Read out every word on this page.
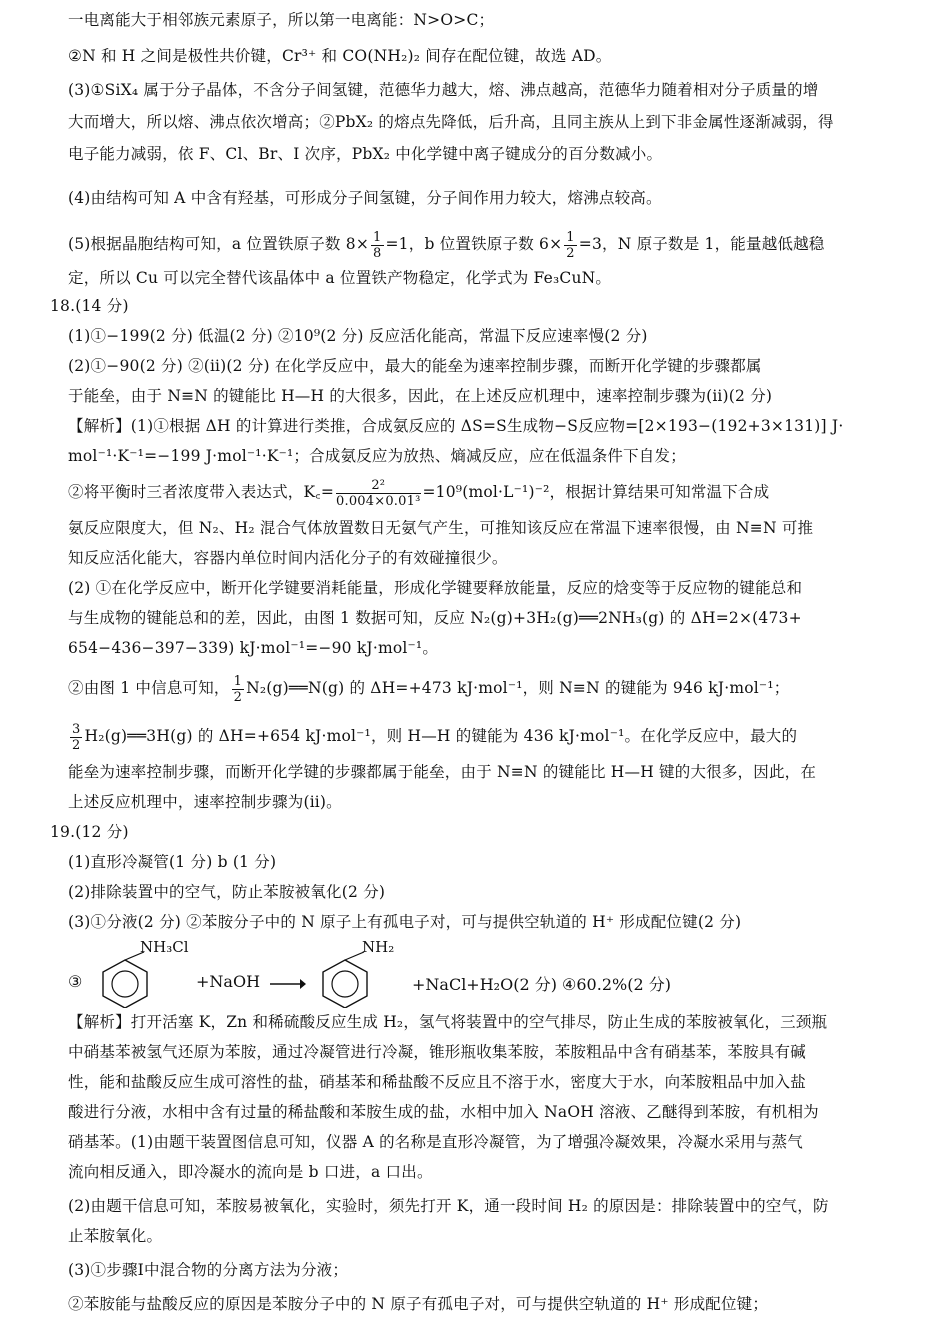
一电离能大于相邻族元素原子，所以第一电离能：N>O>C；
②N 和 H 之间是极性共价键，Cr³⁺ 和 CO(NH₂)₂ 间存在配位键，故选 AD。
(3)①SiX₄ 属于分子晶体，不含分子间氢键，范德华力越大，熔、沸点越高，范德华力随着相对分子质量的增
大而增大，所以熔、沸点依次增高；②PbX₂ 的熔点先降低，后升高，且同主族从上到下非金属性逐渐减弱，得
电子能力减弱，依 F、Cl、Br、I 次序，PbX₂ 中化学键中离子键成分的百分数减小。
(4)由结构可知 A 中含有羟基，可形成分子间氢键，分子间作用力较大，熔沸点较高。
(5)根据晶胞结构可知，a 位置铁原子数 $8\times \frac{1}{8} =1$，b 位置铁原子数 $6\times \frac{1}{2} =3$，N 原子数是 1，能量越低越稳
定，所以 Cu 可以完全替代该晶体中 a 位置铁产物稳定，化学式为 Fe₃CuN。
18.(14 分)
(1)①−199(2 分) 低温(2 分) ②10⁹(2 分) 反应活化能高，常温下反应速率慢(2 分)
(2)①−90(2 分) ②(ⅱ)(2 分) 在化学反应中，最大的能垒为速率控制步骤，而断开化学键的步骤都属
于能垒，由于 N≡N 的键能比 H—H 的大很多，因此，在上述反应机理中，速率控制步骤为(ⅱ)(2 分)
【解析】(1)①根据 ΔH 的计算进行类推，合成氨反应的 ΔS=S生成物−S反应物=[2×193−(192+3×131)] J·
mol⁻¹·K⁻¹=−199 J·mol⁻¹·K⁻¹；合成氨反应为放热、熵减反应，应在低温条件下自发；
②将平衡时三者浓度带入表达式，K꜀= $\frac{\text{2²}}{\text{0.004×0.01³}} =10^9(mol\cdot L^{-1})^{-2}$，根据计算结果可知常温下合成
氨反应限度大，但 N₂、H₂ 混合气体放置数日无氨气产生，可推知该反应在常温下速率很慢，由 N≡N 可推
知反应活化能大，容器内单位时间内活化分子的有效碰撞很少。
(2) ①在化学反应中，断开化学键要消耗能量，形成化学键要释放能量，反应的焓变等于反应物的键能总和
与生成物的键能总和的差，因此，由图 1 数据可知，反应 N₂(g)+3H₂(g)══2NH₃(g) 的 ΔH=2×(473+
654−436−397−339) kJ·mol⁻¹=−90 kJ·mol⁻¹。
②由图 1 中信息可知， $\frac{1}{2}$ N₂(g)══N(g) 的 ΔH=+473 kJ·mol⁻¹，则 N≡N 的键能为 946 kJ·mol⁻¹；
$\frac{3}{2}$ H₂(g)══3H(g) 的 ΔH=+654 kJ·mol⁻¹，则 H—H 的键能为 436 kJ·mol⁻¹。在化学反应中，最大的
能垒为速率控制步骤，而断开化学键的步骤都属于能垒，由于 N≡N 的键能比 H—H 键的大很多，因此，在
上述反应机理中，速率控制步骤为(ⅱ)。
19.(12 分)
(1)直形冷凝管(1 分) b (1 分)
(2)排除装置中的空气，防止苯胺被氧化(2 分)
(3)①分液(2 分) ②苯胺分子中的 N 原子上有孤电子对，可与提供空轨道的 H⁺ 形成配位键(2 分)
③
NH₃Cl
+NaOH →
NH₂
+NaCl+H₂O(2 分) ④60.2%(2 分)
【解析】打开活塞 K，Zn 和稀硫酸反应生成 H₂，氢气将装置中的空气排尽，防止生成的苯胺被氧化，三颈瓶
中硝基苯被氢气还原为苯胺，通过冷凝管进行冷凝，锥形瓶收集苯胺，苯胺粗品中含有硝基苯，苯胺具有碱
性，能和盐酸反应生成可溶性的盐，硝基苯和稀盐酸不反应且不溶于水，密度大于水，向苯胺粗品中加入盐
酸进行分液，水相中含有过量的稀盐酸和苯胺生成的盐，水相中加入 NaOH 溶液、乙醚得到苯胺，有机相为
硝基苯。(1)由题干装置图信息可知，仪器 A 的名称是直形冷凝管，为了增强冷凝效果，冷凝水采用与蒸气
流向相反通入，即冷凝水的流向是 b 口进，a 口出。
(2)由题干信息可知，苯胺易被氧化，实验时，须先打开 K，通一段时间 H₂ 的原因是：排除装置中的空气，防
止苯胺氧化。
(3)①步骤Ⅰ中混合物的分离方法为分液；
②苯胺能与盐酸反应的原因是苯胺分子中的 N 原子有孤电子对，可与提供空轨道的 H⁺ 形成配位键；
